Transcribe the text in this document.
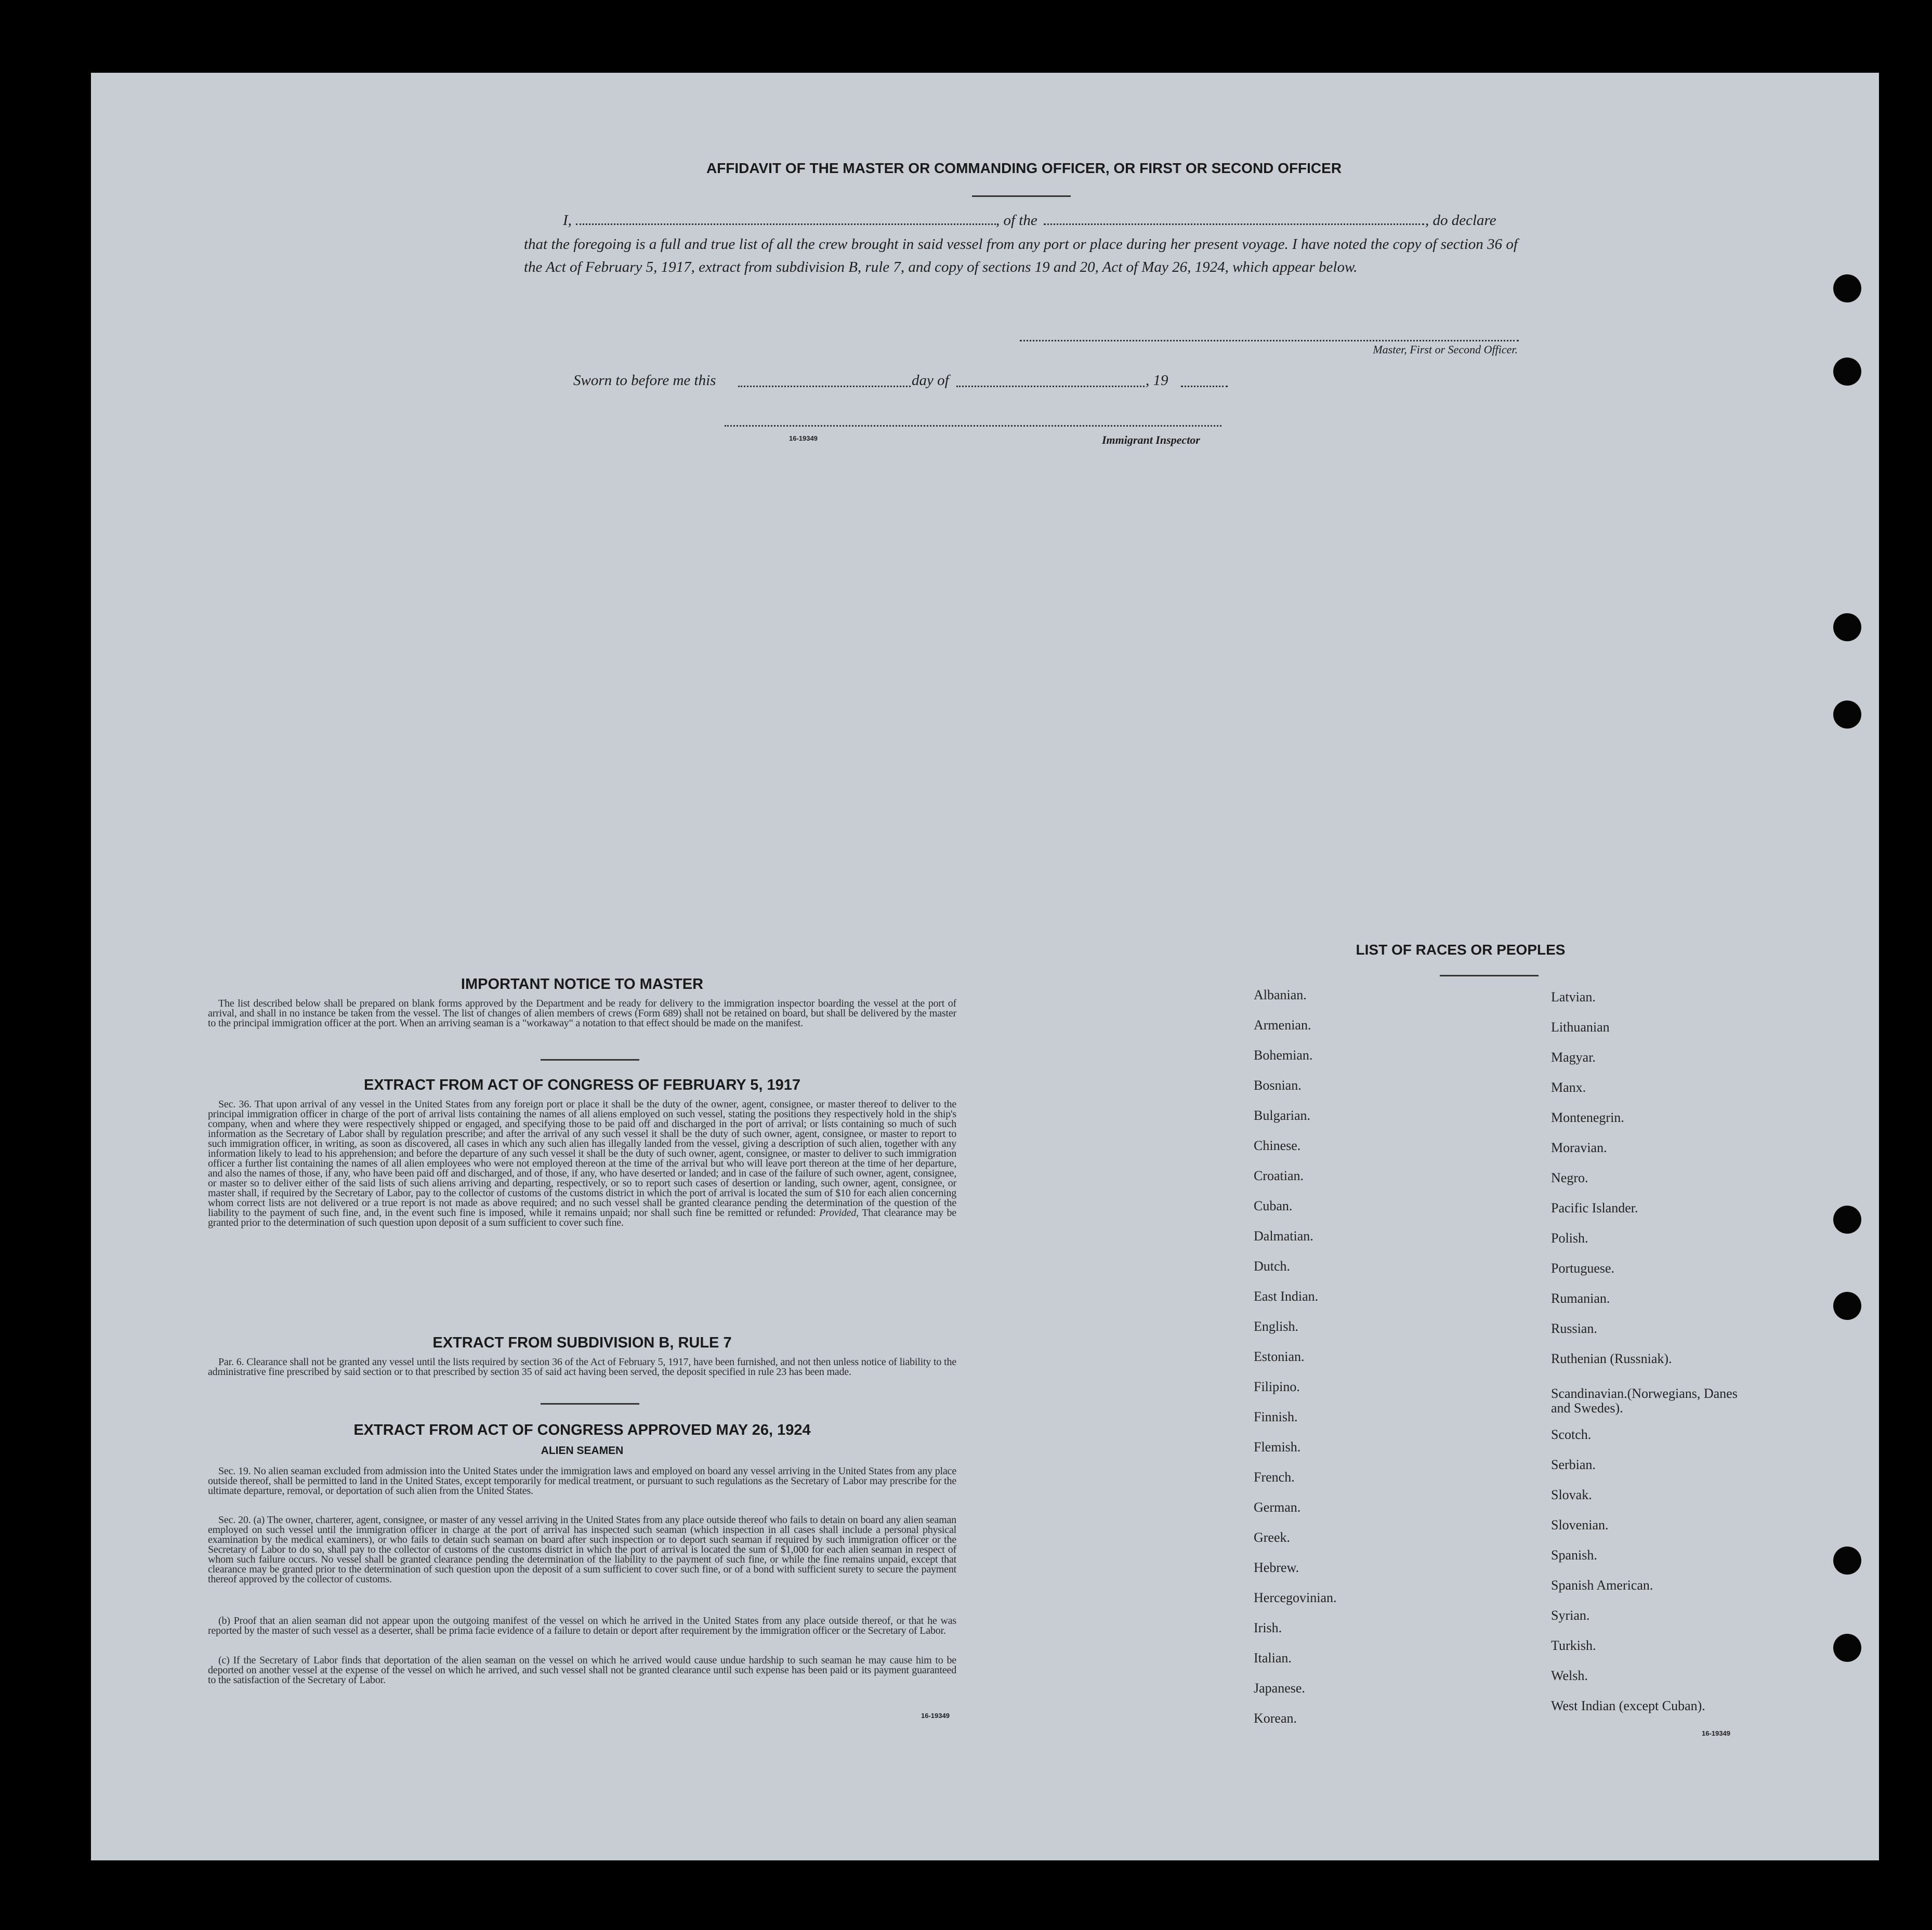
AFFIDAVIT OF THE MASTER OR COMMANDING OFFICER, OR FIRST OR SECOND OFFICER
I,	, of the	, do declare
that the foregoing is a full and true list of all the crew brought in said vessel from any port or place during her present voyage. I have noted the copy of section 36 of the Act of February 5, 1917, extract from subdivision B, rule 7, and copy of sections 19 and 20, Act of May 26, 1924, which appear below.
Master, First or Second Officer.
Sworn to before me this	day of	, 19
16-19349	Immigrant Inspector
IMPORTANT NOTICE TO MASTER
The list described below shall be prepared on blank forms approved by the Department and be ready for delivery to the immigration inspector boarding the vessel at the port of arrival, and shall in no instance be taken from the vessel. The list of changes of alien members of crews (Form 689) shall not be retained on board, but shall be delivered by the master to the principal immigration officer at the port. When an arriving seaman is a "workaway" a notation to that effect should be made on the manifest.
EXTRACT FROM ACT OF CONGRESS OF FEBRUARY 5, 1917
Sec. 36. That upon arrival of any vessel in the United States from any foreign port or place it shall be the duty of the owner, agent, consignee, or master thereof to deliver to the principal immigration officer in charge of the port of arrival lists containing the names of all aliens employed on such vessel, stating the positions they respectively hold in the ship's company, when and where they were respectively shipped or engaged, and specifying those to be paid off and discharged in the port of arrival; or lists containing so much of such information as the Secretary of Labor shall by regulation prescribe; and after the arrival of any such vessel it shall be the duty of such owner, agent, consignee, or master to report to such immigration officer, in writing, as soon as discovered, all cases in which any such alien has illegally landed from the vessel, giving a description of such alien, together with any information likely to lead to his apprehension; and before the departure of any such vessel it shall be the duty of such owner, agent, consignee, or master to deliver to such immigration officer a further list containing the names of all alien employees who were not employed thereon at the time of the arrival but who will leave port thereon at the time of her departure, and also the names of those, if any, who have been paid off and discharged, and of those, if any, who have deserted or landed; and in case of the failure of such owner, agent, consignee, or master so to deliver either of the said lists of such aliens arriving and departing, respectively, or so to report such cases of desertion or landing, such owner, agent, consignee, or master shall, if required by the Secretary of Labor, pay to the collector of customs of the customs district in which the port of arrival is located the sum of $10 for each alien concerning whom correct lists are not delivered or a true report is not made as above required; and no such vessel shall be granted clearance pending the determination of the question of the liability to the payment of such fine, and, in the event such fine is imposed, while it remains unpaid; nor shall such fine be remitted or refunded: Provided, That clearance may be granted prior to the determination of such question upon deposit of a sum sufficient to cover such fine.
EXTRACT FROM SUBDIVISION B, RULE 7
Par. 6. Clearance shall not be granted any vessel until the lists required by section 36 of the Act of February 5, 1917, have been furnished, and not then unless notice of liability to the administrative fine prescribed by said section or to that prescribed by section 35 of said act having been served, the deposit specified in rule 23 has been made.
EXTRACT FROM ACT OF CONGRESS APPROVED MAY 26, 1924
ALIEN SEAMEN
Sec. 19. No alien seaman excluded from admission into the United States under the immigration laws and employed on board any vessel arriving in the United States from any place outside thereof, shall be permitted to land in the United States, except temporarily for medical treatment, or pursuant to such regulations as the Secretary of Labor may prescribe for the ultimate departure, removal, or deportation of such alien from the United States.
Sec. 20. (a) The owner, charterer, agent, consignee, or master of any vessel arriving in the United States from any place outside thereof who fails to detain on board any alien seaman employed on such vessel until the immigration officer in charge at the port of arrival has inspected such seaman (which inspection in all cases shall include a personal physical examination by the medical examiners), or who fails to detain such seaman on board after such inspection or to deport such seaman if required by such immigration officer or the Secretary of Labor to do so, shall pay to the collector of customs of the customs district in which the port of arrival is located the sum of $1,000 for each alien seaman in respect of whom such failure occurs. No vessel shall be granted clearance pending the determination of the liability to the payment of such fine, or while the fine remains unpaid, except that clearance may be granted prior to the determination of such question upon the deposit of a sum sufficient to cover such fine, or of a bond with sufficient surety to secure the payment thereof approved by the collector of customs.
(b) Proof that an alien seaman did not appear upon the outgoing manifest of the vessel on which he arrived in the United States from any place outside thereof, or that he was reported by the master of such vessel as a deserter, shall be prima facie evidence of a failure to detain or deport after requirement by the immigration officer or the Secretary of Labor.
(c) If the Secretary of Labor finds that deportation of the alien seaman on the vessel on which he arrived would cause undue hardship to such seaman he may cause him to be deported on another vessel at the expense of the vessel on which he arrived, and such vessel shall not be granted clearance until such expense has been paid or its payment guaranteed to the satisfaction of the Secretary of Labor.
16-19349
LIST OF RACES OR PEOPLES
Albanian.
Armenian.
Bohemian.
Bosnian.
Bulgarian.
Chinese.
Croatian.
Cuban.
Dalmatian.
Dutch.
East Indian.
English.
Estonian.
Filipino.
Finnish.
Flemish.
French.
German.
Greek.
Hebrew.
Hercegovinian.
Irish.
Italian.
Japanese.
Korean.
Latvian.
Lithuanian
Magyar.
Manx.
Montenegrin.
Moravian.
Negro.
Pacific Islander.
Polish.
Portuguese.
Rumanian.
Russian.
Ruthenian (Russniak).
Scandinavian.(Norwegians, Danes and Swedes).
Scotch.
Serbian.
Slovak.
Slovenian.
Spanish.
Spanish American.
Syrian.
Turkish.
Welsh.
West Indian (except Cuban).
16-19349
